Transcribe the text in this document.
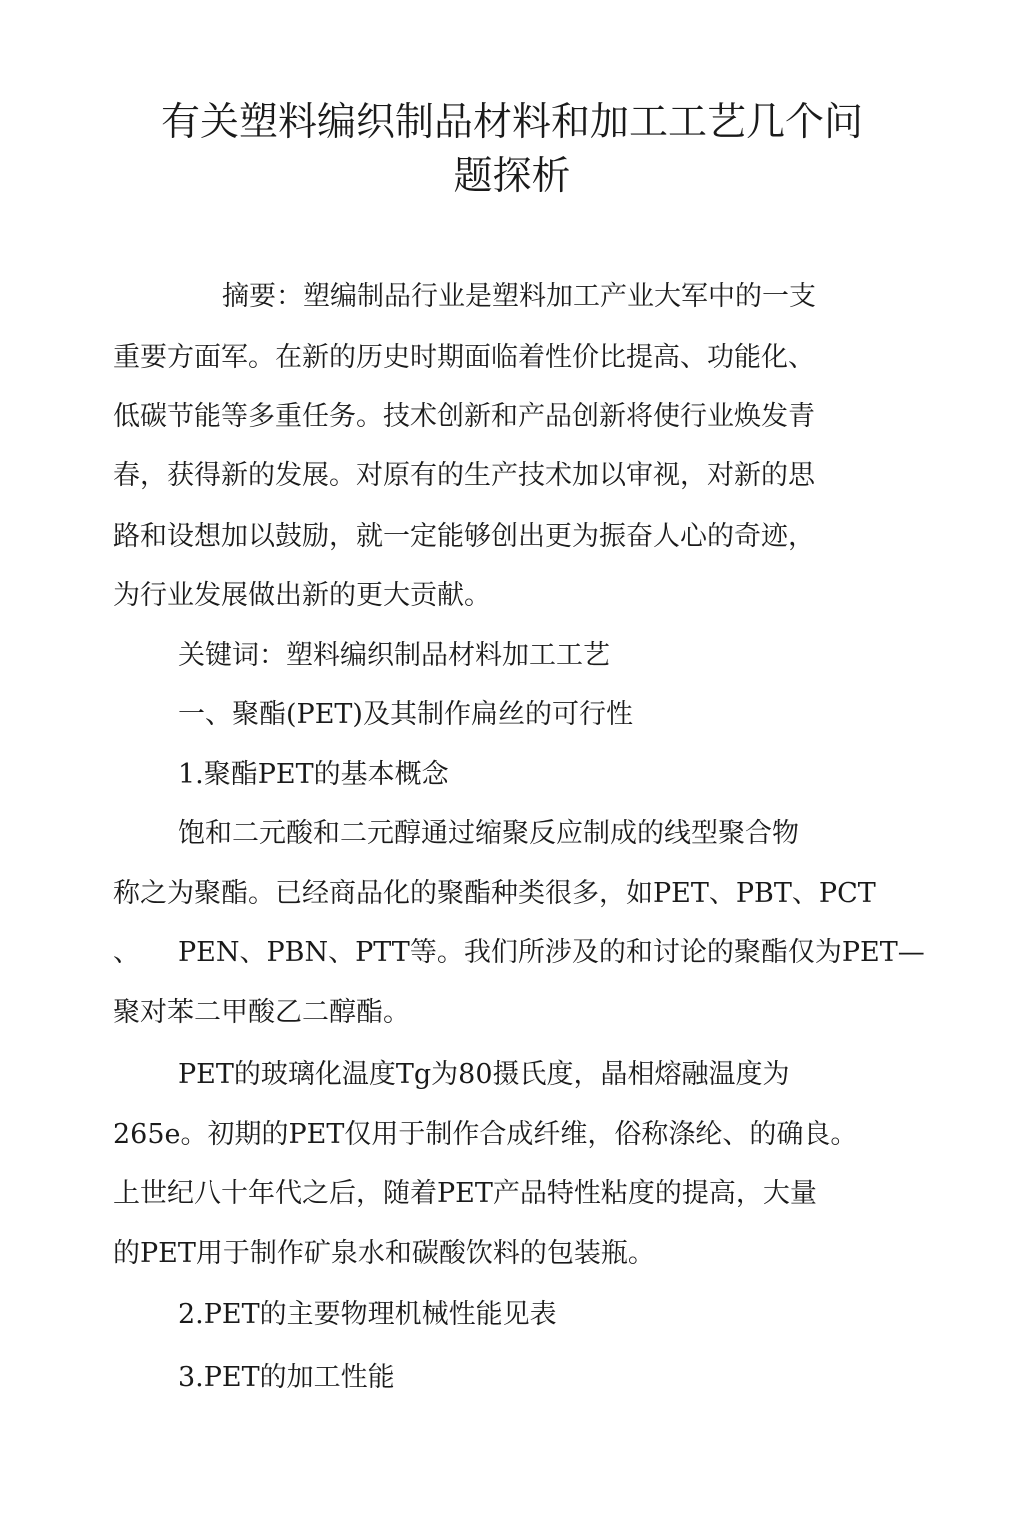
有关塑料编织制品材料和加工工艺几个问
题探析
摘要：塑编制品行业是塑料加工产业大军中的一支
重要方面军。在新的历史时期面临着性价比提高、功能化、
低碳节能等多重任务。技术创新和产品创新将使行业焕发青
春，获得新的发展。对原有的生产技术加以审视，对新的思
路和设想加以鼓励，就一定能够创出更为振奋人心的奇迹，
为行业发展做出新的更大贡献。
关键词：塑料编织制品材料加工工艺
一、聚酯(PET)及其制作扁丝的可行性
1.聚酯PET的基本概念
饱和二元酸和二元醇通过缩聚反应制成的线型聚合物
称之为聚酯。已经商品化的聚酯种类很多，如PET、PBT、PCT
、 PEN、PBN、PTT等。我们所涉及的和讨论的聚酯仅为PET—
聚对苯二甲酸乙二醇酯。
PET的玻璃化温度Tg为80摄氏度，晶相熔融温度为
265e。初期的PET仅用于制作合成纤维，俗称涤纶、的确良。
上世纪八十年代之后，随着PET产品特性粘度的提高，大量
的PET用于制作矿泉水和碳酸饮料的包装瓶。
2.PET的主要物理机械性能见表
3.PET的加工性能
